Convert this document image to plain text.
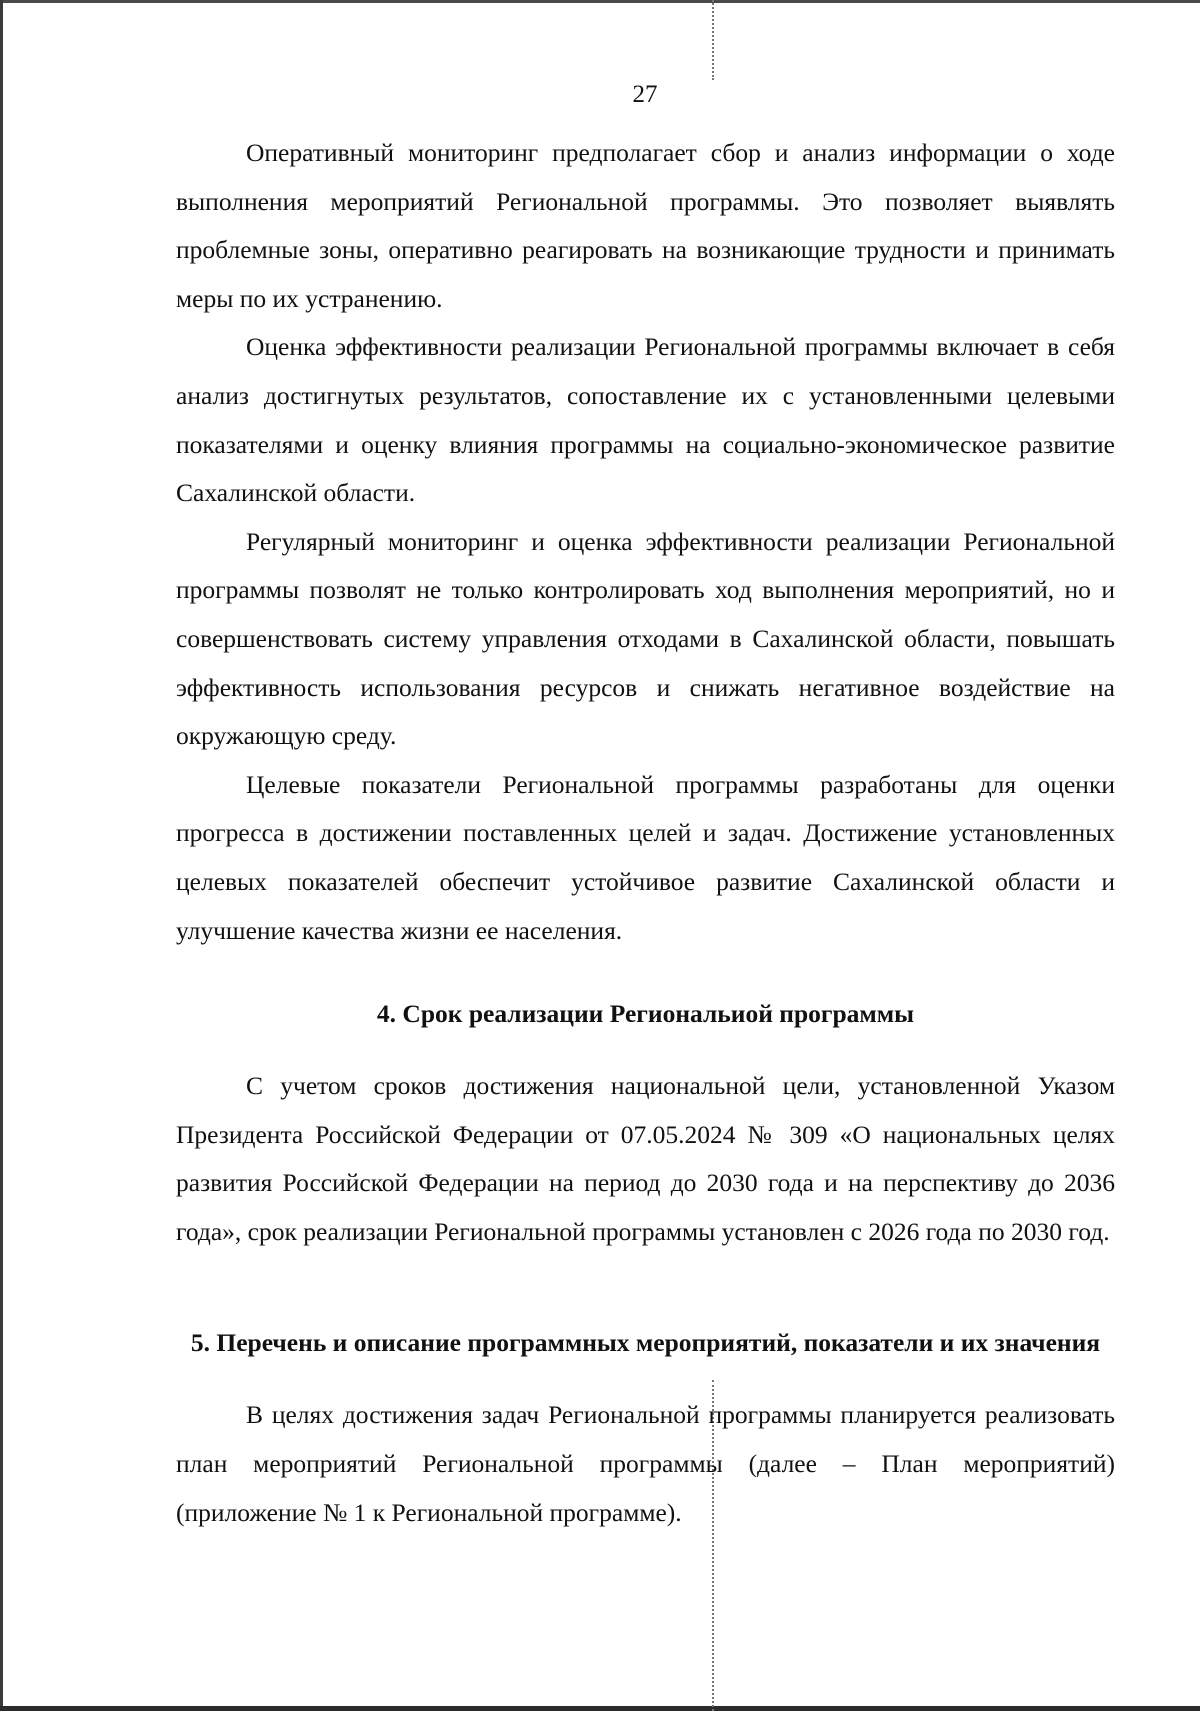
27

Оперативный мониторинг предполагает сбор и анализ информации о ходе выполнения мероприятий Региональной программы. Это позволяет выявлять проблемные зоны, оперативно реагировать на возникающие трудности и принимать меры по их устранению.

Оценка эффективности реализации Региональной программы включает в себя анализ достигнутых результатов, сопоставление их с установленными целевыми показателями и оценку влияния программы на социально-экономическое развитие Сахалинской области.

Регулярный мониторинг и оценка эффективности реализации Региональной программы позволят не только контролировать ход выполнения мероприятий, но и совершенствовать систему управления отходами в Сахалинской области, повышать эффективность использования ресурсов и снижать негативное воздействие на окружающую среду.

Целевые показатели Региональной программы разработаны для оценки прогресса в достижении поставленных целей и задач. Достижение установленных целевых показателей обеспечит устойчивое развитие Сахалинской области и улучшение качества жизни ее населения.

4. Срок реализации Региональиой программы

С учетом сроков достижения национальной цели, установленной Указом Президента Российской Федерации от 07.05.2024 № 309 «О национальных целях развития Российской Федерации на период до 2030 года и на перспективу до 2036 года», срок реализации Региональной программы установлен с 2026 года по 2030 год.

5. Перечень и описание программных мероприятий, показатели и их значения

В целях достижения задач Региональной программы планируется реализовать план мероприятий Региональной программы (далее – План мероприятий) (приложение № 1 к Региональной программе).
